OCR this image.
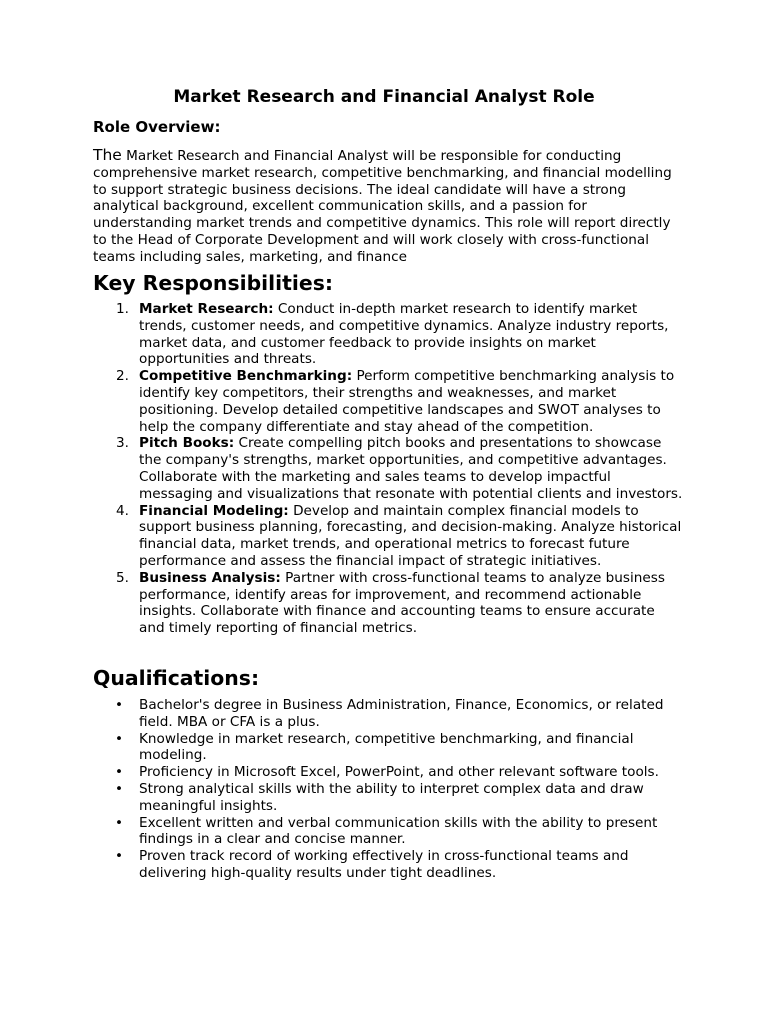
Market Research and Financial Analyst Role
Role Overview:

The Market Research and Financial Analyst will be responsible for conducting comprehensive market research, competitive benchmarking, and financial modelling to support strategic business decisions. The ideal candidate will have a strong analytical background, excellent communication skills, and a passion for understanding market trends and competitive dynamics. This role will report directly to the Head of Corporate Development and will work closely with cross-functional teams including sales, marketing, and finance

Key Responsibilities:
1. Market Research: Conduct in-depth market research to identify market trends, customer needs, and competitive dynamics. Analyze industry reports, market data, and customer feedback to provide insights on market opportunities and threats.
2. Competitive Benchmarking: Perform competitive benchmarking analysis to identify key competitors, their strengths and weaknesses, and market positioning. Develop detailed competitive landscapes and SWOT analyses to help the company differentiate and stay ahead of the competition.
3. Pitch Books: Create compelling pitch books and presentations to showcase the company's strengths, market opportunities, and competitive advantages. Collaborate with the marketing and sales teams to develop impactful messaging and visualizations that resonate with potential clients and investors.
4. Financial Modeling: Develop and maintain complex financial models to support business planning, forecasting, and decision-making. Analyze historical financial data, market trends, and operational metrics to forecast future performance and assess the financial impact of strategic initiatives.
5. Business Analysis: Partner with cross-functional teams to analyze business performance, identify areas for improvement, and recommend actionable insights. Collaborate with finance and accounting teams to ensure accurate and timely reporting of financial metrics.
Qualifications:
• Bachelor's degree in Business Administration, Finance, Economics, or related field. MBA or CFA is a plus.
• Knowledge in market research, competitive benchmarking, and financial modeling.
• Proficiency in Microsoft Excel, PowerPoint, and other relevant software tools.
• Strong analytical skills with the ability to interpret complex data and draw meaningful insights.
• Excellent written and verbal communication skills with the ability to present findings in a clear and concise manner.
• Proven track record of working effectively in cross-functional teams and delivering high-quality results under tight deadlines.
